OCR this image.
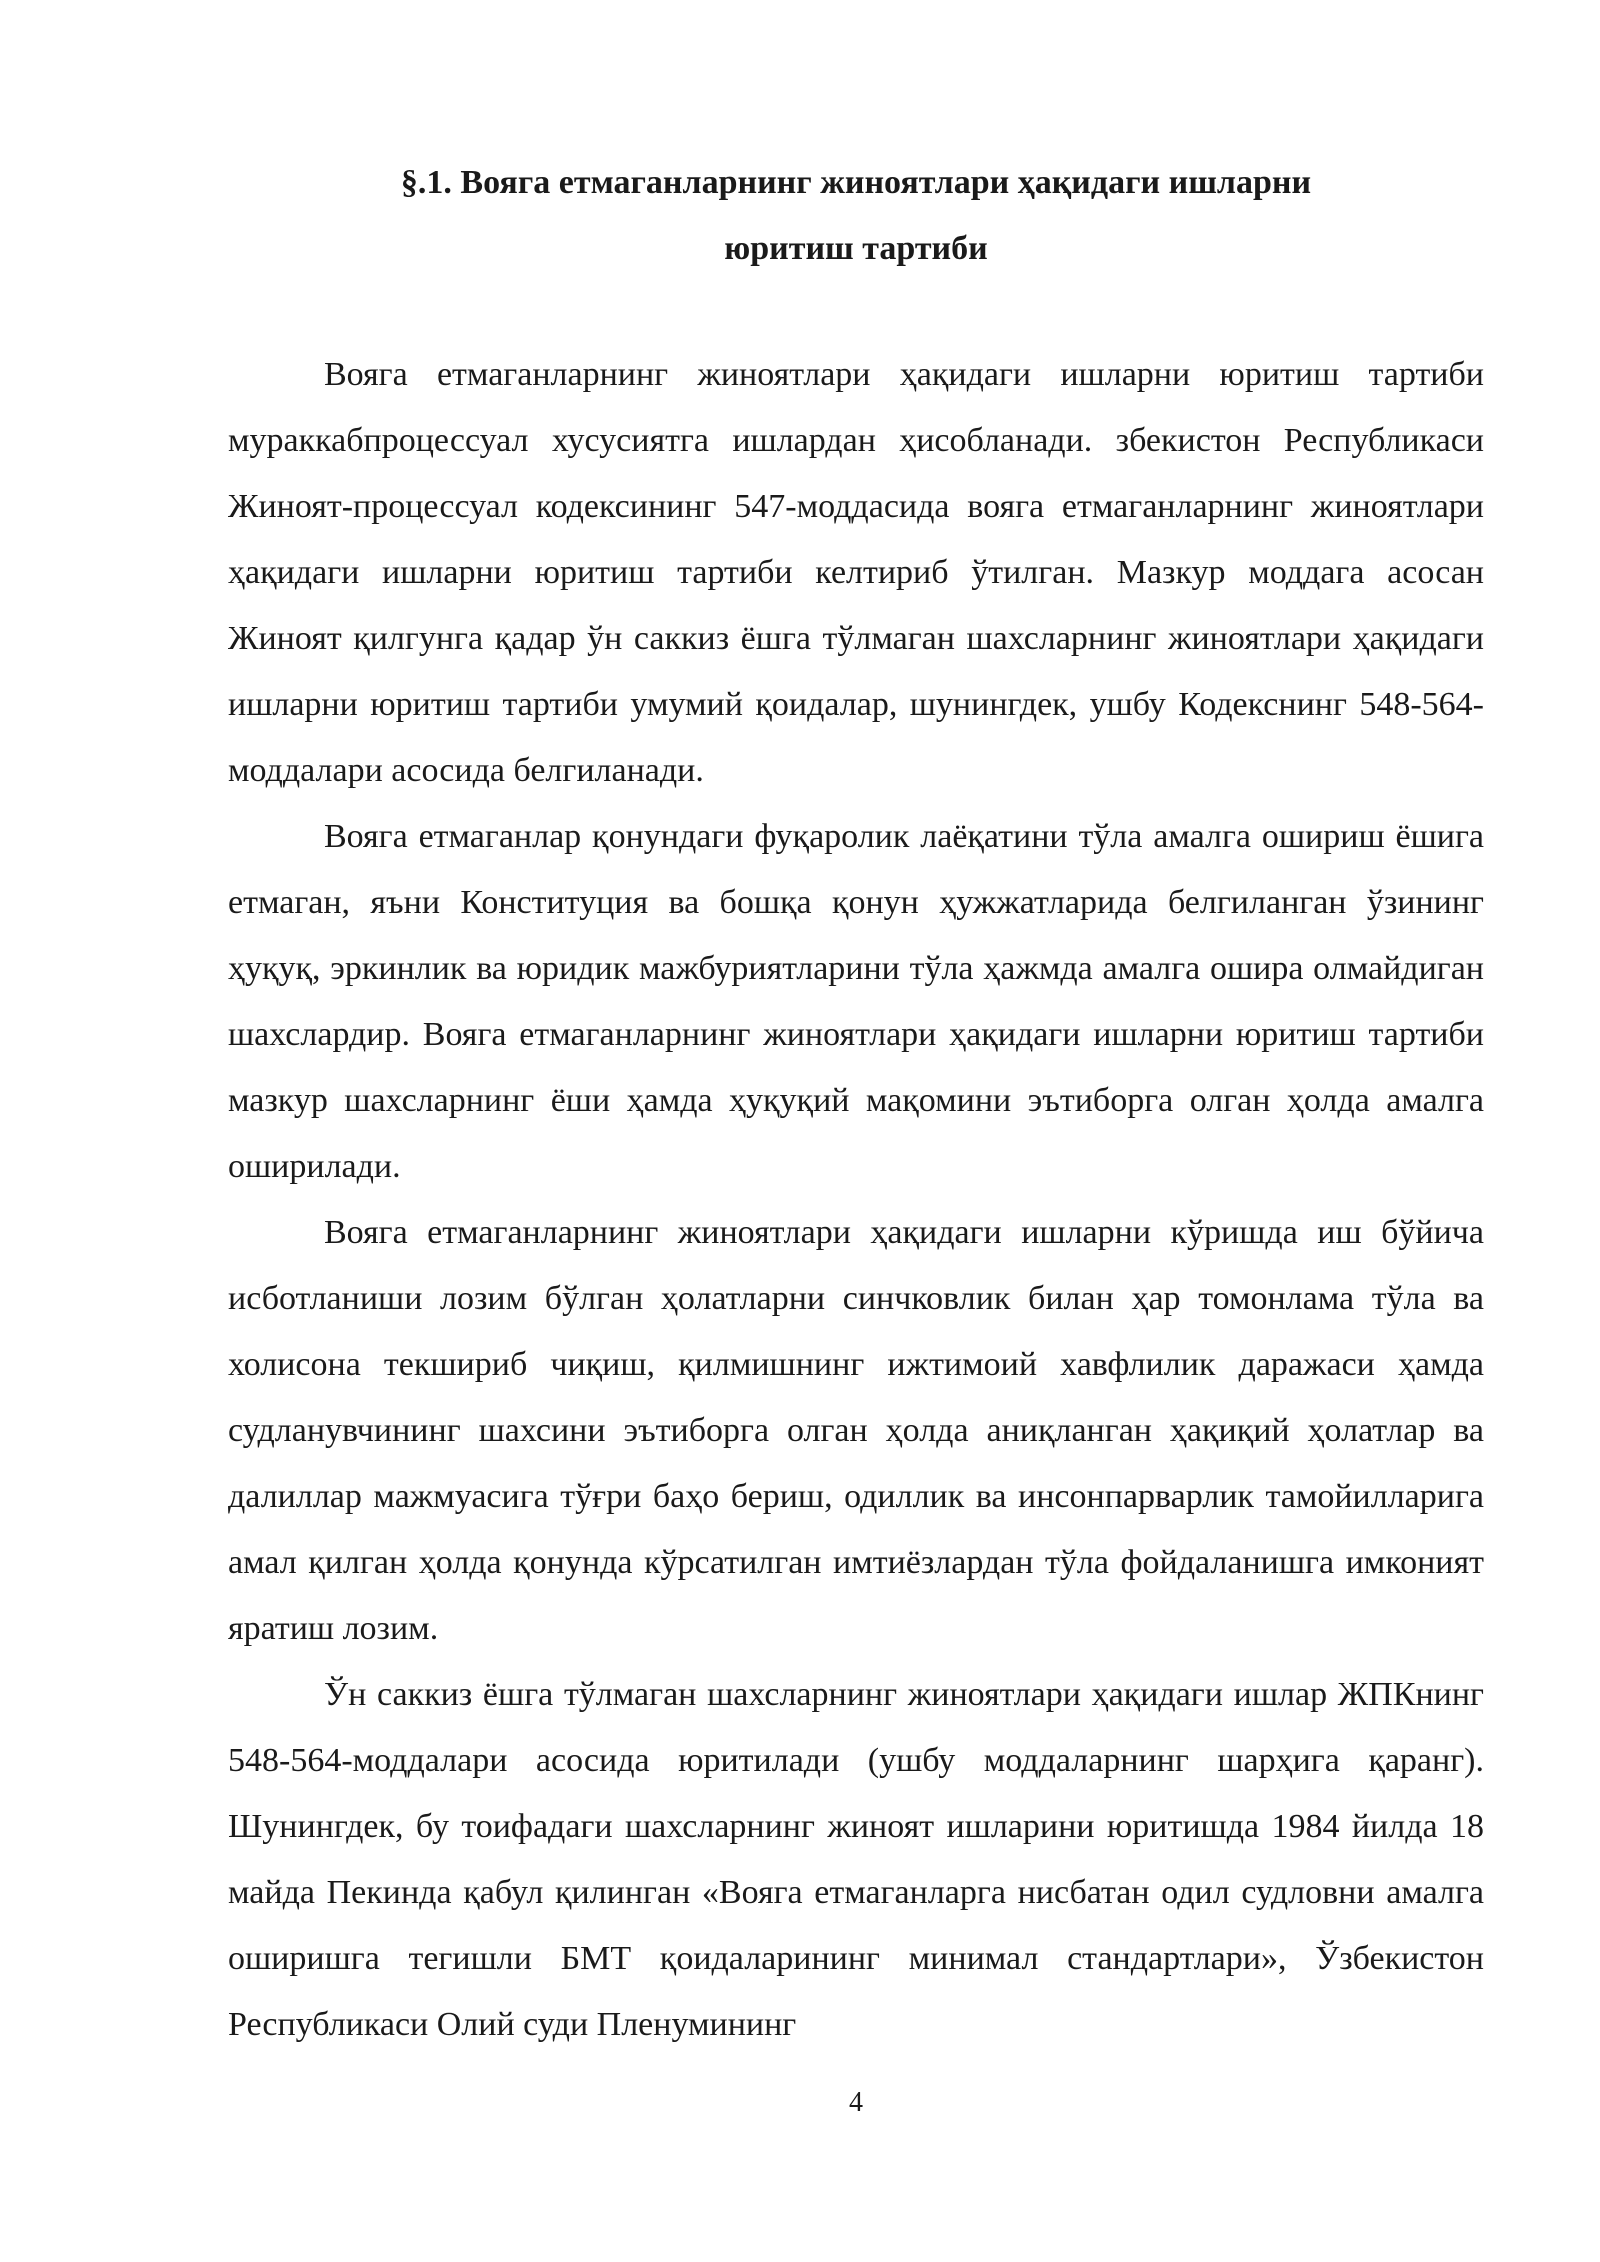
§.1. Вояга етмаганларнинг жиноятлари ҳақидаги ишларни
юритиш тартиби

Вояга етмаганларнинг жиноятлари ҳақидаги ишларни юритиш тартиби мураккабпроцессуал хусусиятга ишлардан ҳисобланади. збекистон Республикаси Жиноят-процессуал кодексининг 547-моддасида вояга етмаганларнинг жиноятлари ҳақидаги ишларни юритиш тартиби келтириб ўтилган. Мазкур моддага асосан Жиноят қилгунга қадар ўн саккиз ёшга тўлмаган шахсларнинг жиноятлари ҳақидаги ишларни юритиш тартиби умумий қоидалар, шунингдек, ушбу Кодекснинг 548-564-моддалари асосида белгиланади.

Вояга етмаганлар қонундаги фуқаролик лаёқатини тўла амалга ошириш ёшига етмаган, яъни Конституция ва бошқа қонун ҳужжатларида белгиланган ўзининг ҳуқуқ, эркинлик ва юридик мажбуриятларини тўла ҳажмда амалга ошира олмайдиган шахслардир. Вояга етмаганларнинг жиноятлари ҳақидаги ишларни юритиш тартиби мазкур шахсларнинг ёши ҳамда ҳуқуқий мақомини эътиборга олган ҳолда амалга оширилади.

Вояга етмаганларнинг жиноятлари ҳақидаги ишларни кўришда иш бўйича исботланиши лозим бўлган ҳолатларни синчковлик билан ҳар томонлама тўла ва холисона текшириб чиқиш, қилмишнинг ижтимоий хавфлилик даражаси ҳамда судланувчининг шахсини эътиборга олган ҳолда аниқланган ҳақиқий ҳолатлар ва далиллар мажмуасига тўғри баҳо бериш, одиллик ва инсонпарварлик тамойилларига амал қилган ҳолда қонунда кўрсатилган имтиёзлардан тўла фойдаланишга имконият яратиш лозим.

Ўн саккиз ёшга тўлмаган шахсларнинг жиноятлари ҳақидаги ишлар ЖПКнинг 548-564-моддалари асосида юритилади (ушбу моддаларнинг шарҳига қаранг). Шунингдек, бу тоифадаги шахсларнинг жиноят ишларини юритишда 1984 йилда 18 майда Пекинда қабул қилинган «Вояга етмаганларга нисбатан одил судловни амалга оширишга тегишли БМТ қоидаларининг минимал стандартлари», Ўзбекистон Республикаси Олий суди Пленумининг

4
